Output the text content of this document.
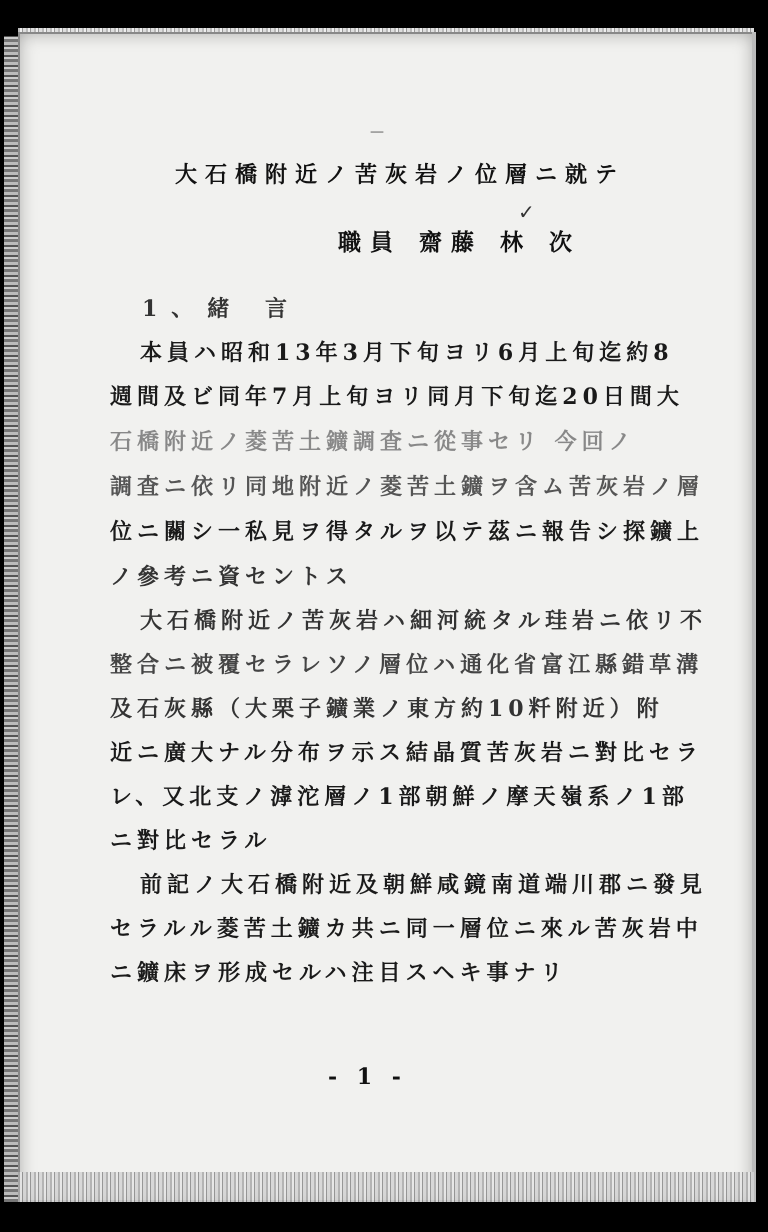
—
大石橋附近ノ苦灰岩ノ位層ニ就テ
✓
職員 齋藤 林 次
1、緒 言
本員ハ昭和13年3月下旬ヨリ6月上旬迄約8
週間及ビ同年7月上旬ヨリ同月下旬迄20日間大
石橋附近ノ菱苦土鑛調査ニ從事セリ 今回ノ
調査ニ依リ同地附近ノ菱苦土鑛ヲ含ム苦灰岩ノ層
位ニ關シ一私見ヲ得タルヲ以テ茲ニ報告シ探鑛上
ノ參考ニ資セントス
大石橋附近ノ苦灰岩ハ細河統タル珪岩ニ依リ不
整合ニ被覆セラレソノ層位ハ通化省富江縣錯草溝
及石灰縣（大栗子鑛業ノ東方約10粁附近）附
近ニ廣大ナル分布ヲ示ス結晶質苦灰岩ニ對比セラ
レ、又北支ノ滹沱層ノ1部朝鮮ノ摩天嶺系ノ1部
ニ對比セラル
前記ノ大石橋附近及朝鮮咸鏡南道端川郡ニ發見
セラルル菱苦土鑛カ共ニ同一層位ニ來ル苦灰岩中
ニ鑛床ヲ形成セルハ注目スヘキ事ナリ
- 1 -
